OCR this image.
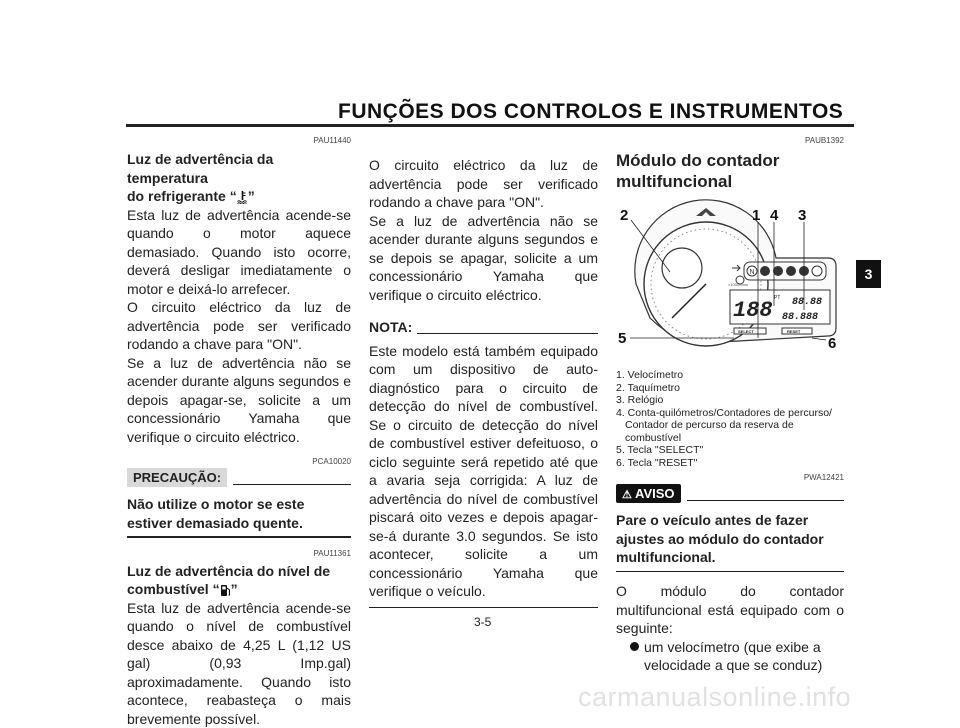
FUNÇÕES DOS CONTROLOS E INSTRUMENTOS
3
PAU11440
Luz de advertência da temperatura
do refrigerante “ ”
Esta luz de advertência acende-se quando o motor aquece demasiado. Quando isto ocorre, deverá desligar imediatamente o motor e deixá-lo arrefecer.
O circuito eléctrico da luz de advertência pode ser verificado rodando a chave para "ON".
Se a luz de advertência não se acender durante alguns segundos e depois apagar-se, solicite a um concessionário Yamaha que verifique o circuito eléctrico.
PCA10020
PRECAUÇÃO:
Não utilize o motor se este estiver demasiado quente.
PAU11361
Luz de advertência do nível de
combustível “ ”
Esta luz de advertência acende-se quando o nível de combustível desce abaixo de 4,25 L (1,12 US gal) (0,93 Imp.gal) aproximadamente. Quando isto acontece, reabasteça o mais brevemente possível.
O circuito eléctrico da luz de advertência pode ser verificado rodando a chave para "ON".
Se a luz de advertência não se acender durante alguns segundos e se depois se apagar, solicite a um concessionário Yamaha que verifique o circuito eléctrico.
NOTA:
Este modelo está também equipado com um dispositivo de auto-diagnóstico para o circuito de detecção do nível de combustível. Se o circuito de detecção do nível de combustível estiver defeituoso, o ciclo seguinte será repetido até que a avaria seja corrigida: A luz de advertência do nível de combustível piscará oito vezes e depois apagar-se-á durante 3.0 segundos. Se isto acontecer, solicite a um concessionário Yamaha que verifique o veículo.
PAUB1392
Módulo do contador multifuncional
×1000r/min
N
188 PT 88.88
88.888
SELECT	RESET
2	1 4 3
5	6
1. Velocímetro
2. Taquímetro
3. Relógio
4. Conta-quilómetros/Contadores de percurso/
Contador de percurso da reserva de
combustível
5. Tecla "SELECT"
6. Tecla "RESET"
PWA12421
⚠ AVISO
Pare o veículo antes de fazer ajustes ao módulo do contador multifuncional.
O módulo do contador multifuncional está equipado com o seguinte:
um velocímetro (que exibe a velocidade a que se conduz)
3-5
carmanualsonline.info
